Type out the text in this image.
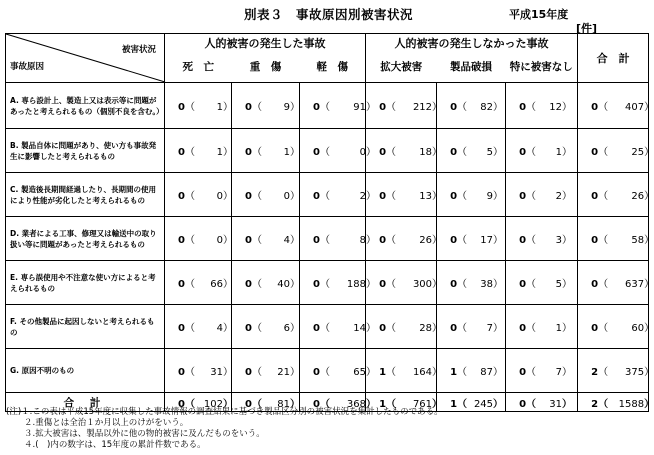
別表３　事故原因別被害状況	平成15年度
[件]
被害状況
事故原因	人的被害の発生した事故			人的被害の発生しなかった事故			合　計
	死　亡	重　傷	軽　傷	拡大被害	製品破損	特に被害なし	
A. 専ら設計上、製造上又は表示等に問題があったと考えられるもの（個別不良を含む。）	0（ 1）	0（ 9）	0（ 91）	0（ 212）	0（ 82）	0（ 12）	0（ 407）
B. 製品自体に問題があり、使い方も事故発生に影響したと考えられるもの	0（ 1）	0（ 1）	0（ 0）	0（ 18）	0（ 5）	0（ 1）	0（ 25）
C. 製造後長期間経過したり、長期間の使用により性能が劣化したと考えられるもの	0（ 0）	0（ 0）	0（ 2）	0（ 13）	0（ 9）	0（ 2）	0（ 26）
D. 業者による工事、修理又は輸送中の取り扱い等に問題があったと考えられるもの	0（ 0）	0（ 4）	0（ 8）	0（ 26）	0（ 17）	0（ 3）	0（ 58）
E. 専ら誤使用や不注意な使い方によると考えられるもの	0（ 66）	0（ 40）	0（ 188）	0（ 300）	0（ 38）	0（ 5）	0（ 637）
F. その他製品に起因しないと考えられるもの	0（ 4）	0（ 6）	0（ 14）	0（ 28）	0（ 7）	0（ 1）	0（ 60）
G. 原因不明のもの	0（ 31）	0（ 21）	0（ 65）	1（ 164）	1（ 87）	0（ 7）	2（ 375）
合 計	0（ 102）	0（ 81）	0（ 368）	1（ 761）	1（ 245）	0（ 31）	2（ 1588）
(注)１.この表は平成15年度に収集した事故情報の調査結果に基づき製品区分別の被害状況を集計したものである。
２.重傷とは全治１か月以上のけがをいう。
３.拡大被害は、製品以外に他の物的被害に及んだものをいう。
４.(　)内の数字は、15年度の累計件数である。
